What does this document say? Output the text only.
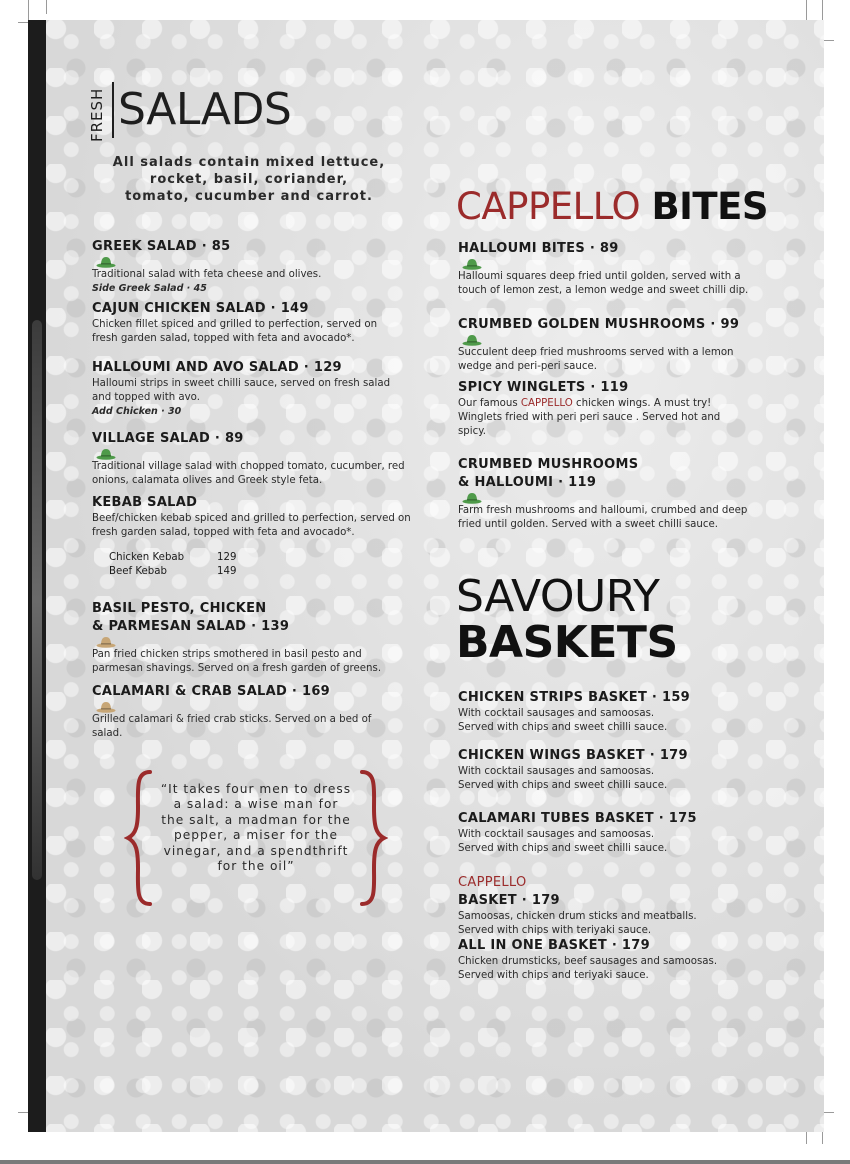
FRESH SALADS
All salads contain mixed lettuce,
rocket, basil, coriander,
tomato, cucumber and carrot.
GREEK SALAD · 85
Traditional salad with feta cheese and olives.
Side Greek Salad · 45
CAJUN CHICKEN SALAD · 149
Chicken fillet spiced and grilled to perfection, served on fresh garden salad, topped with feta and avocado*.
HALLOUMI AND AVO SALAD · 129
Halloumi strips in sweet chilli sauce, served on fresh salad and topped with avo.
Add Chicken · 30
VILLAGE SALAD · 89
Traditional village salad with chopped tomato, cucumber, red onions, calamata olives and Greek style feta.
KEBAB SALAD
Beef/chicken kebab spiced and grilled to perfection, served on fresh garden salad, topped with feta and avocado*.
Chicken Kebab	129
Beef Kebab	149
BASIL PESTO, CHICKEN
& PARMESAN SALAD · 139
Pan fried chicken strips smothered in basil pesto and parmesan shavings. Served on a fresh garden of greens.
CALAMARI & CRAB SALAD · 169
Grilled calamari & fried crab sticks. Served on a bed of salad.
“It takes four men to dress
a salad: a wise man for
the salt, a madman for the
pepper, a miser for the
vinegar, and a spendthrift
for the oil”
CAPPELLO BITES
HALLOUMI BITES · 89
Halloumi squares deep fried until golden, served with a touch of lemon zest, a lemon wedge and sweet chilli dip.
CRUMBED GOLDEN MUSHROOMS · 99
Succulent deep fried mushrooms served with a lemon wedge and peri-peri sauce.
SPICY WINGLETS · 119
Our famous CAPPELLO chicken wings. A must try! Winglets fried with peri peri sauce . Served hot and spicy.
CRUMBED MUSHROOMS
& HALLOUMI · 119
Farm fresh mushrooms and halloumi, crumbed and deep fried until golden. Served with a sweet chilli sauce.
SAVOURY
BASKETS
CHICKEN STRIPS BASKET · 159
With cocktail sausages and samoosas.
Served with chips and sweet chilli sauce.
CHICKEN WINGS BASKET · 179
With cocktail sausages and samoosas.
Served with chips and sweet chilli sauce.
CALAMARI TUBES BASKET · 175
With cocktail sausages and samoosas.
Served with chips and sweet chilli sauce.
CAPPELLO
BASKET · 179
Samoosas, chicken drum sticks and meatballs.
Served with chips with teriyaki sauce.
ALL IN ONE BASKET · 179
Chicken drumsticks, beef sausages and samoosas.
Served with chips and teriyaki sauce.
